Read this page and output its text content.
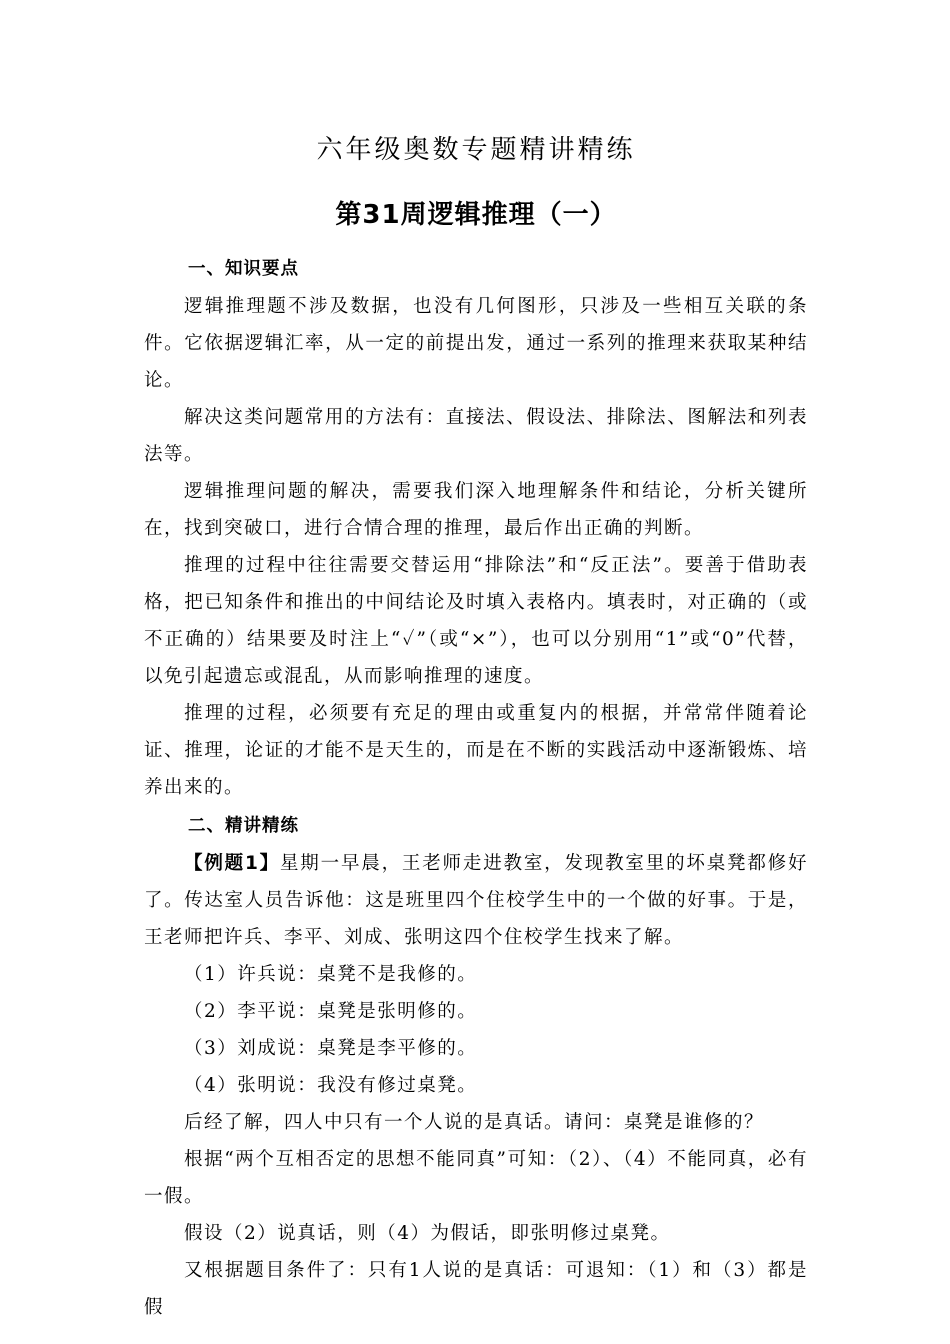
六年级奥数专题精讲精练
第31周逻辑推理（一）

一、知识要点

逻辑推理题不涉及数据，也没有几何图形，只涉及一些相互关联的条件。它依据逻辑汇率，从一定的前提出发，通过一系列的推理来获取某种结论。

解决这类问题常用的方法有：直接法、假设法、排除法、图解法和列表法等。

逻辑推理问题的解决，需要我们深入地理解条件和结论，分析关键所在，找到突破口，进行合情合理的推理，最后作出正确的判断。

推理的过程中往往需要交替运用“排除法”和“反正法”。要善于借助表格，把已知条件和推出的中间结论及时填入表格内。填表时，对正确的（或不正确的）结果要及时注上“✓”（或“×”），也可以分别用“1”或“0”代替，以免引起遗忘或混乱，从而影响推理的速度。

推理的过程，必须要有充足的理由或重复内的根据，并常常伴随着论证、推理，论证的才能不是天生的，而是在不断的实践活动中逐渐锻炼、培养出来的。

二、精讲精练

【例题1】星期一早晨，王老师走进教室，发现教室里的坏桌凳都修好了。传达室人员告诉他：这是班里四个住校学生中的一个做的好事。于是，王老师把许兵、李平、刘成、张明这四个住校学生找来了解。

（1）许兵说：桌凳不是我修的。

（2）李平说：桌凳是张明修的。

（3）刘成说：桌凳是李平修的。

（4）张明说：我没有修过桌凳。

后经了解，四人中只有一个人说的是真话。请问：桌凳是谁修的？

根据“两个互相否定的思想不能同真”可知：（2）、（4）不能同真，必有一假。

假设（2）说真话，则（4）为假话，即张明修过桌凳。

又根据题目条件了：只有1人说的是真话：可退知：（1）和（3）都是假
